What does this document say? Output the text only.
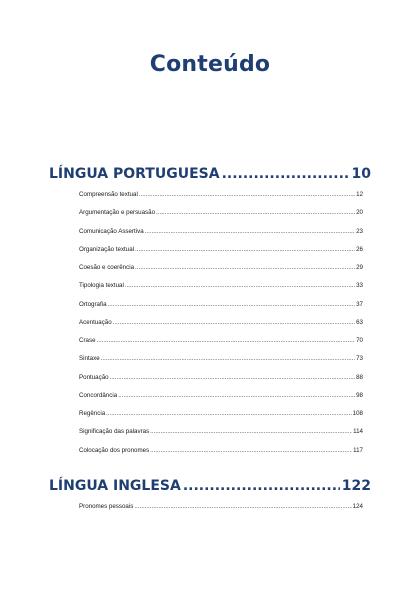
Conteúdo
LÍNGUA PORTUGUESA .....	10
Compreensão textual .....	12
Argumentação e persuasão .....	20
Comunicação Assertiva .....	23
Organização textual .....	26
Coesão e coerência .....	29
Tipologia textual .....	33
Ortografia .....	37
Acentuação .....	63
Crase .....	70
Sintaxe .....	73
Pontuação .....	88
Concordância .....	98
Regência .....	108
Significação das palavras .....	114
Colocação dos pronomes .....	117
LÍNGUA INGLESA .....	122
Pronomes pessoais .....	124
